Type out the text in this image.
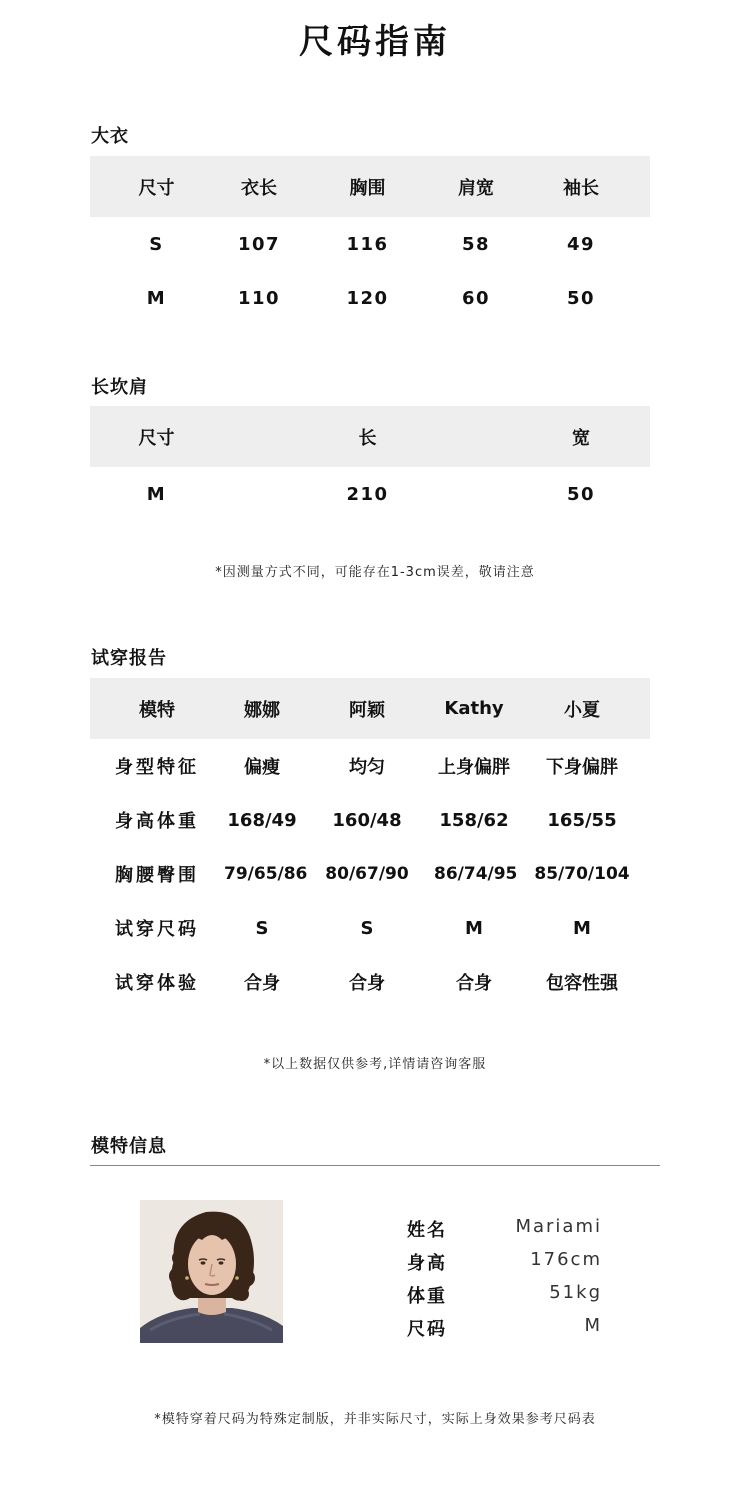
尺码指南
大衣
尺寸	衣长	胸围	肩宽	袖长
S	107	116	58	49
M	110	120	60	50
长坎肩
尺寸	长	宽
M	210	50
*因测量方式不同，可能存在1-3cm误差，敬请注意
试穿报告
模特	娜娜	阿颖	Kathy	小夏
身型特征	偏瘦	均匀	上身偏胖	下身偏胖
身高体重	168/49	160/48	158/62	165/55
胸腰臀围	79/65/86	80/67/90	86/74/95	85/70/104
试穿尺码	S	S	M	M
试穿体验	合身	合身	合身	包容性强
*以上数据仅供参考,详情请咨询客服
模特信息
姓名	Mariami
身高	176cm
体重	51kg
尺码	M
*模特穿着尺码为特殊定制版，并非实际尺寸，实际上身效果参考尺码表
